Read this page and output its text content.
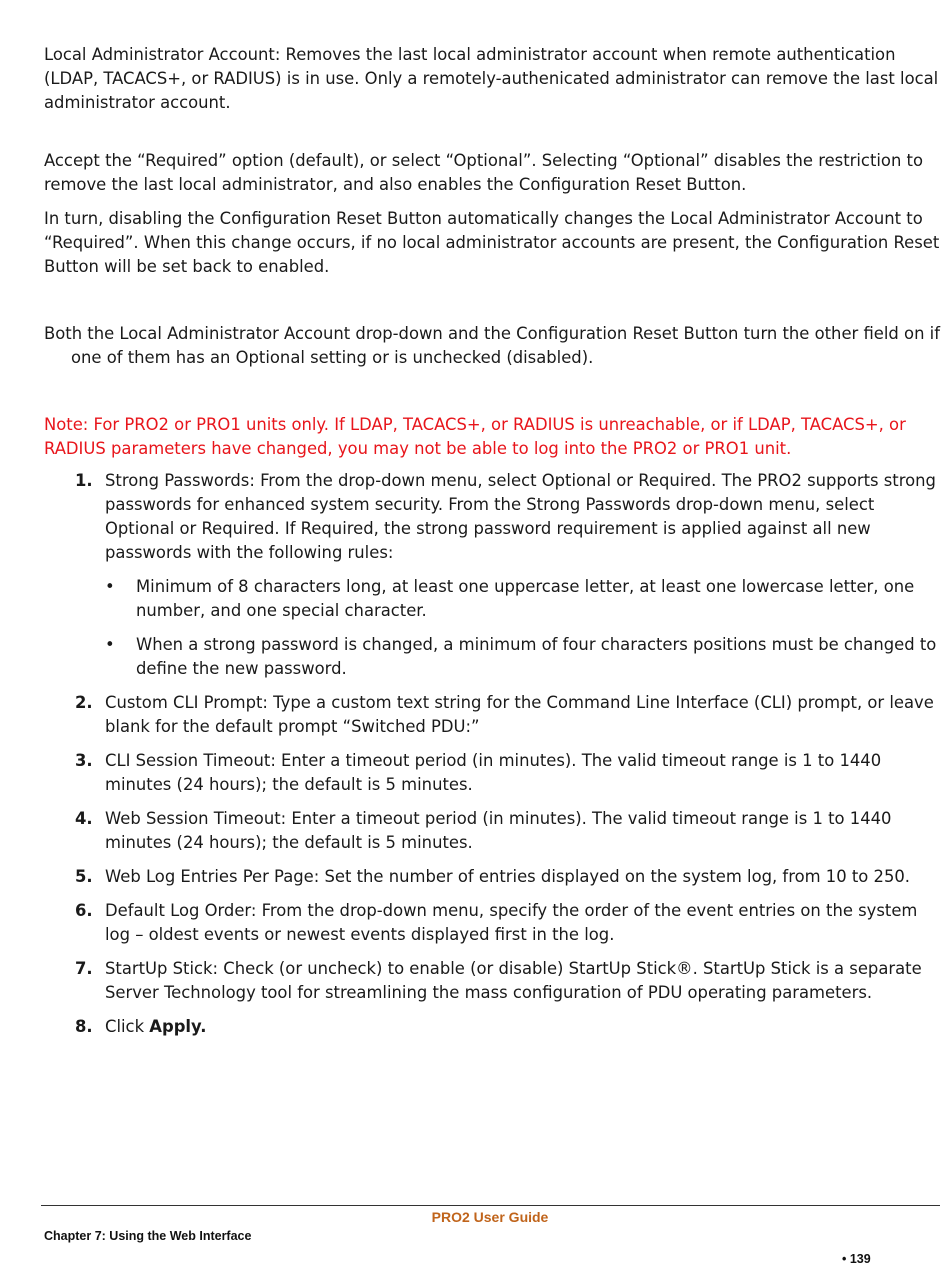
Local Administrator Account: Removes the last local administrator account when remote authentication (LDAP, TACACS+, or RADIUS) is in use. Only a remotely-authenicated administrator can remove the last local administrator account.

Accept the “Required” option (default), or select “Optional”. Selecting “Optional” disables the restriction to remove the last local administrator, and also enables the Configuration Reset Button.

In turn, disabling the Configuration Reset Button automatically changes the Local Administrator Account to “Required”. When this change occurs, if no local administrator accounts are present, the Configuration Reset Button will be set back to enabled.

Both the Local Administrator Account drop-down and the Configuration Reset Button turn the other field on if one of them has an Optional setting or is unchecked (disabled).

Note: For PRO2 or PRO1 units only. If LDAP, TACACS+, or RADIUS is unreachable, or if LDAP, TACACS+, or RADIUS parameters have changed, you may not be able to log into the PRO2 or PRO1 unit.

1. Strong Passwords: From the drop-down menu, select Optional or Required. The PRO2 supports strong passwords for enhanced system security. From the Strong Passwords drop-down menu, select Optional or Required. If Required, the strong password requirement is applied against all new passwords with the following rules:
• Minimum of 8 characters long, at least one uppercase letter, at least one lowercase letter, one number, and one special character.
• When a strong password is changed, a minimum of four characters positions must be changed to define the new password.
2. Custom CLI Prompt: Type a custom text string for the Command Line Interface (CLI) prompt, or leave blank for the default prompt “Switched PDU:”
3. CLI Session Timeout: Enter a timeout period (in minutes). The valid timeout range is 1 to 1440 minutes (24 hours); the default is 5 minutes.
4. Web Session Timeout: Enter a timeout period (in minutes). The valid timeout range is 1 to 1440 minutes (24 hours); the default is 5 minutes.
5. Web Log Entries Per Page: Set the number of entries displayed on the system log, from 10 to 250.
6. Default Log Order: From the drop-down menu, specify the order of the event entries on the system log – oldest events or newest events displayed first in the log.
7. StartUp Stick: Check (or uncheck) to enable (or disable) StartUp Stick®. StartUp Stick is a separate Server Technology tool for streamlining the mass configuration of PDU operating parameters.
8. Click Apply.
PRO2 User Guide
Chapter 7: Using the Web Interface
• 139
